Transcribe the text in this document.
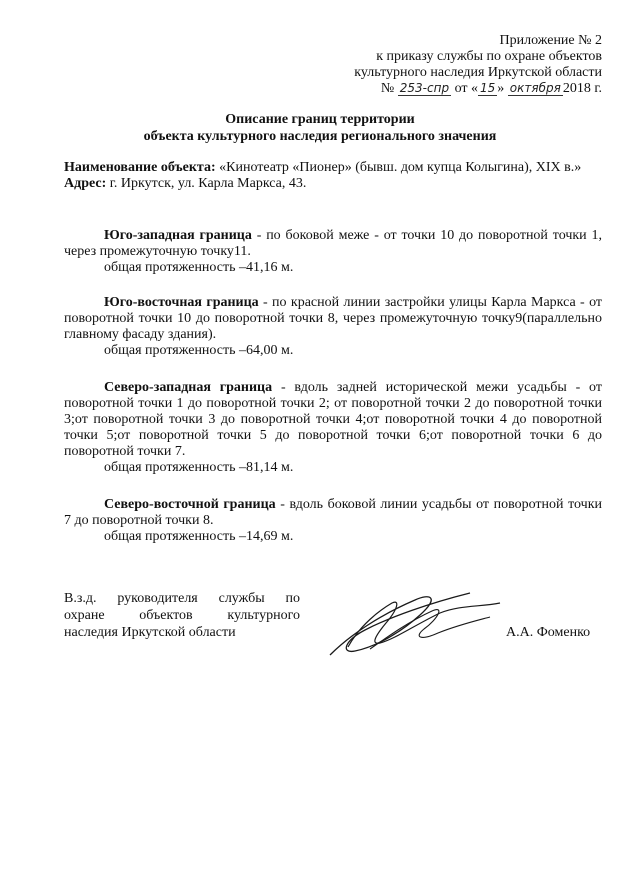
Приложение № 2
к приказу службы по охране объектов
культурного наследия Иркутской области
№ 253-спр от « 15 » октября 2018 г.
Описание границ территории
объекта культурного наследия регионального значения
Наименование объекта: «Кинотеатр «Пионер» (бывш. дом купца Колыгина), XIX в.»
Адрес: г. Иркутск, ул. Карла Маркса, 43.
Юго-западная граница - по боковой меже - от точки 10 до поворотной точки 1, через промежуточную точку11.
общая протяженность –41,16 м.
Юго-восточная граница - по красной линии застройки улицы Карла Маркса - от поворотной точки 10 до поворотной точки 8, через промежуточную точку9(параллельно главному фасаду здания).
общая протяженность –64,00 м.
Северо-западная граница - вдоль задней исторической межи усадьбы - от поворотной точки 1 до поворотной точки 2; от поворотной точки 2 до поворотной точки 3;от поворотной точки 3 до поворотной точки 4;от поворотной точки 4 до поворотной точки 5;от поворотной точки 5 до поворотной точки 6;от поворотной точки 6 до поворотной точки 7.
общая протяженность –81,14 м.
Северо-восточной граница - вдоль боковой линии усадьбы от поворотной точки 7 до поворотной точки 8.
общая протяженность –14,69 м.
В.з.д. руководителя службы по
охране объектов культурного
наследия Иркутской области	А.А. Фоменко
